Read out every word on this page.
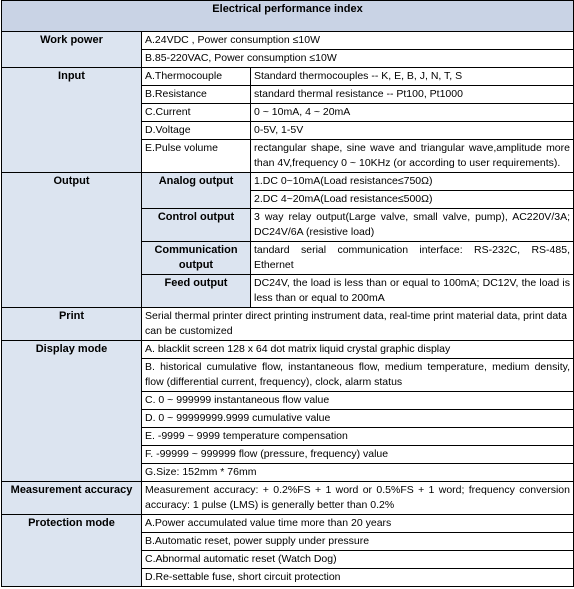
Electrical performance index		
Work power	A.24VDC , Power consumption ≤10W	
	B.85-220VAC, Power consumption ≤10W	
Input	A.Thermocouple	Standard thermocouples -- K, E, B, J, N, T, S
	B.Resistance	standard thermal resistance -- Pt100, Pt1000
	C.Current	0 ~ 10mA, 4 ~ 20mA
	D.Voltage	0-5V, 1-5V
	E.Pulse volume	rectangular shape, sine wave and triangular wave,amplitude more than 4V,frequency 0 ~ 10KHz (or according to user requirements).
Output	Analog output	1.DC 0~10mA(Load resistance≤750Ω)
		2.DC 4~20mA(Load resistance≤500Ω)
	Control output	3 way relay output(Large valve, small valve, pump), AC220V/3A; DC24V/6A (resistive load)
	Communication output	tandard serial communication interface: RS-232C, RS-485, Ethernet
	Feed output	DC24V, the load is less than or equal to 100mA; DC12V, the load is less than or equal to 200mA
Print	Serial thermal printer direct printing instrument data, real-time print material data, print data can be customized	
Display mode	A. blacklit screen 128 x 64 dot matrix liquid crystal graphic display	
	B. historical cumulative flow, instantaneous flow, medium temperature, medium density, flow (differential current, frequency), clock, alarm status	
	C. 0 ~ 999999 instantaneous flow value	
	D. 0 ~ 99999999.9999 cumulative value	
	E. -9999 ~ 9999 temperature compensation	
	F. -99999 ~ 999999 flow (pressure, frequency) value	
	G.Size: 152mm * 76mm	
Measurement accuracy	Measurement accuracy: + 0.2%FS + 1 word or 0.5%FS + 1 word; frequency conversion accuracy: 1 pulse (LMS) is generally better than 0.2%	
Protection mode	A.Power accumulated value time more than 20 years	
	B.Automatic reset, power supply under pressure	
	C.Abnormal automatic reset (Watch Dog)	
	D.Re-settable fuse, short circuit protection	
